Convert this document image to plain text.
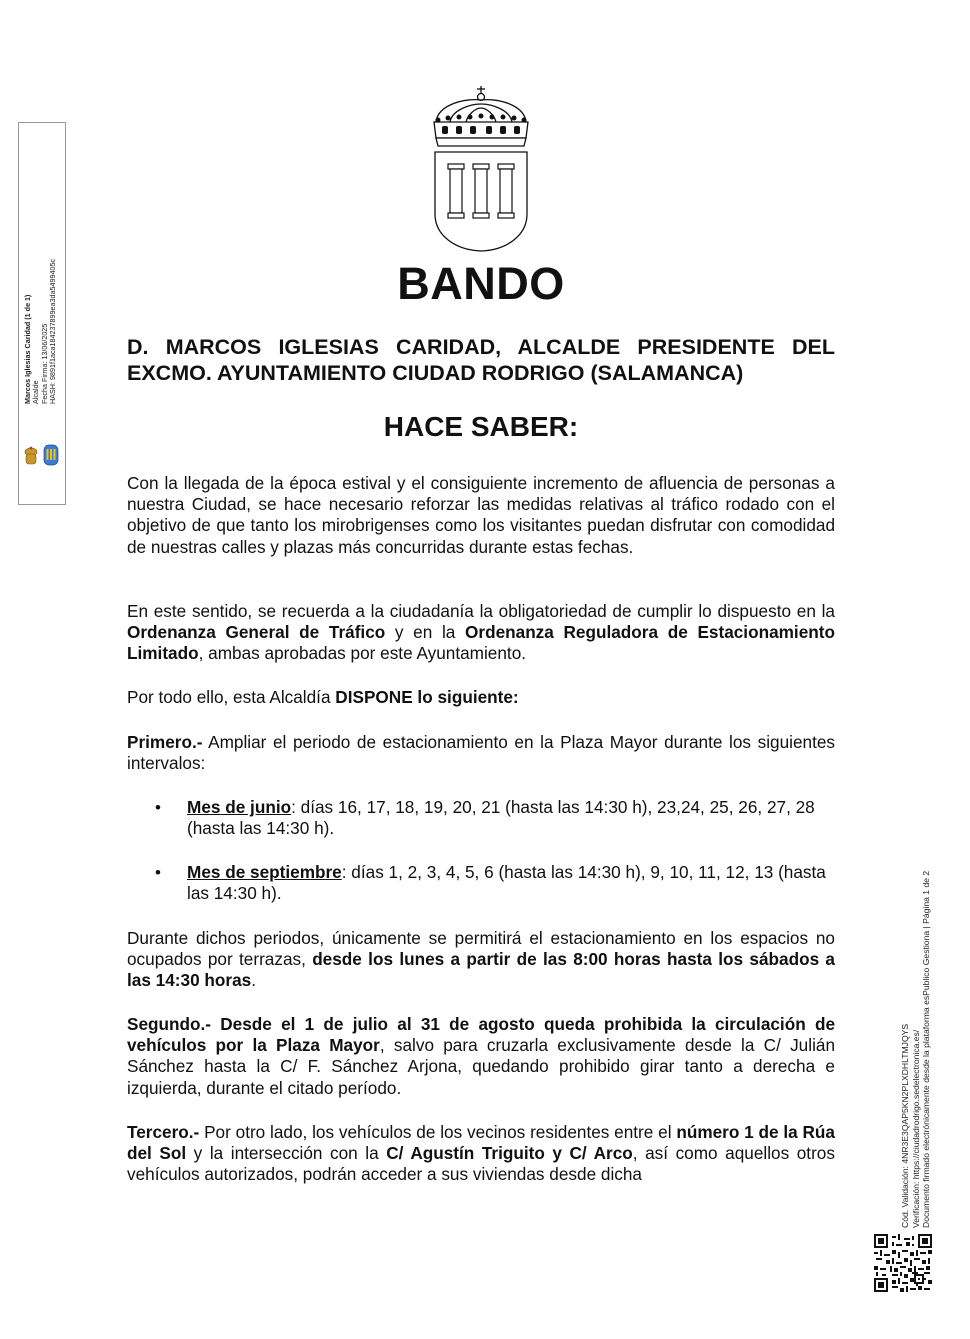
Marcos Iglesias Caridad (1 de 1) Alcalde Fecha Firma: 13/06/2025 HASH: 9891f1aca184237899ea3da5499405c	BANDO
D. MARCOS IGLESIAS CARIDAD, ALCALDE PRESIDENTE DEL EXCMO. AYUNTAMIENTO CIUDAD RODRIGO (SALAMANCA)
HACE SABER:
Con la llegada de la época estival y el consiguiente incremento de afluencia de personas a nuestra Ciudad, se hace necesario reforzar las medidas relativas al tráfico rodado con el objetivo de que tanto los mirobrigenses como los visitantes puedan disfrutar con comodidad de nuestras calles y plazas más concurridas durante estas fechas.
En este sentido, se recuerda a la ciudadanía la obligatoriedad de cumplir lo dispuesto en la Ordenanza General de Tráfico y en la Ordenanza Reguladora de Estacionamiento Limitado, ambas aprobadas por este Ayuntamiento.
Por todo ello, esta Alcaldía DISPONE lo siguiente:
Primero.- Ampliar el periodo de estacionamiento en la Plaza Mayor durante los siguientes intervalos:
• Mes de junio: días 16, 17, 18, 19, 20, 21 (hasta las 14:30 h), 23,24, 25, 26, 27, 28 (hasta las 14:30 h).
• Mes de septiembre: días 1, 2, 3, 4, 5, 6 (hasta las 14:30 h), 9, 10, 11, 12, 13 (hasta las 14:30 h).
Durante dichos periodos, únicamente se permitirá el estacionamiento en los espacios no ocupados por terrazas, desde los lunes a partir de las 8:00 horas hasta los sábados a las 14:30 horas.
Segundo.- Desde el 1 de julio al 31 de agosto queda prohibida la circulación de vehículos por la Plaza Mayor, salvo para cruzarla exclusivamente desde la C/ Julián Sánchez hasta la C/ F. Sánchez Arjona, quedando prohibido girar tanto a derecha e izquierda, durante el citado período.
Tercero.- Por otro lado, los vehículos de los vecinos residentes entre el número 1 de la Rúa del Sol y la intersección con la C/ Agustín Triguito y C/ Arco, así como aquellos otros vehículos autorizados, podrán acceder a sus viviendas desde dicha	Cód. Validación: 4NR3E3QAP5KN2PLXDHLTMJQYS Verificación: https://ciudadrodrigo.sedelectronica.es/ Documento firmado electrónicamente desde la plataforma esPublico Gestiona | Página 1 de 2
